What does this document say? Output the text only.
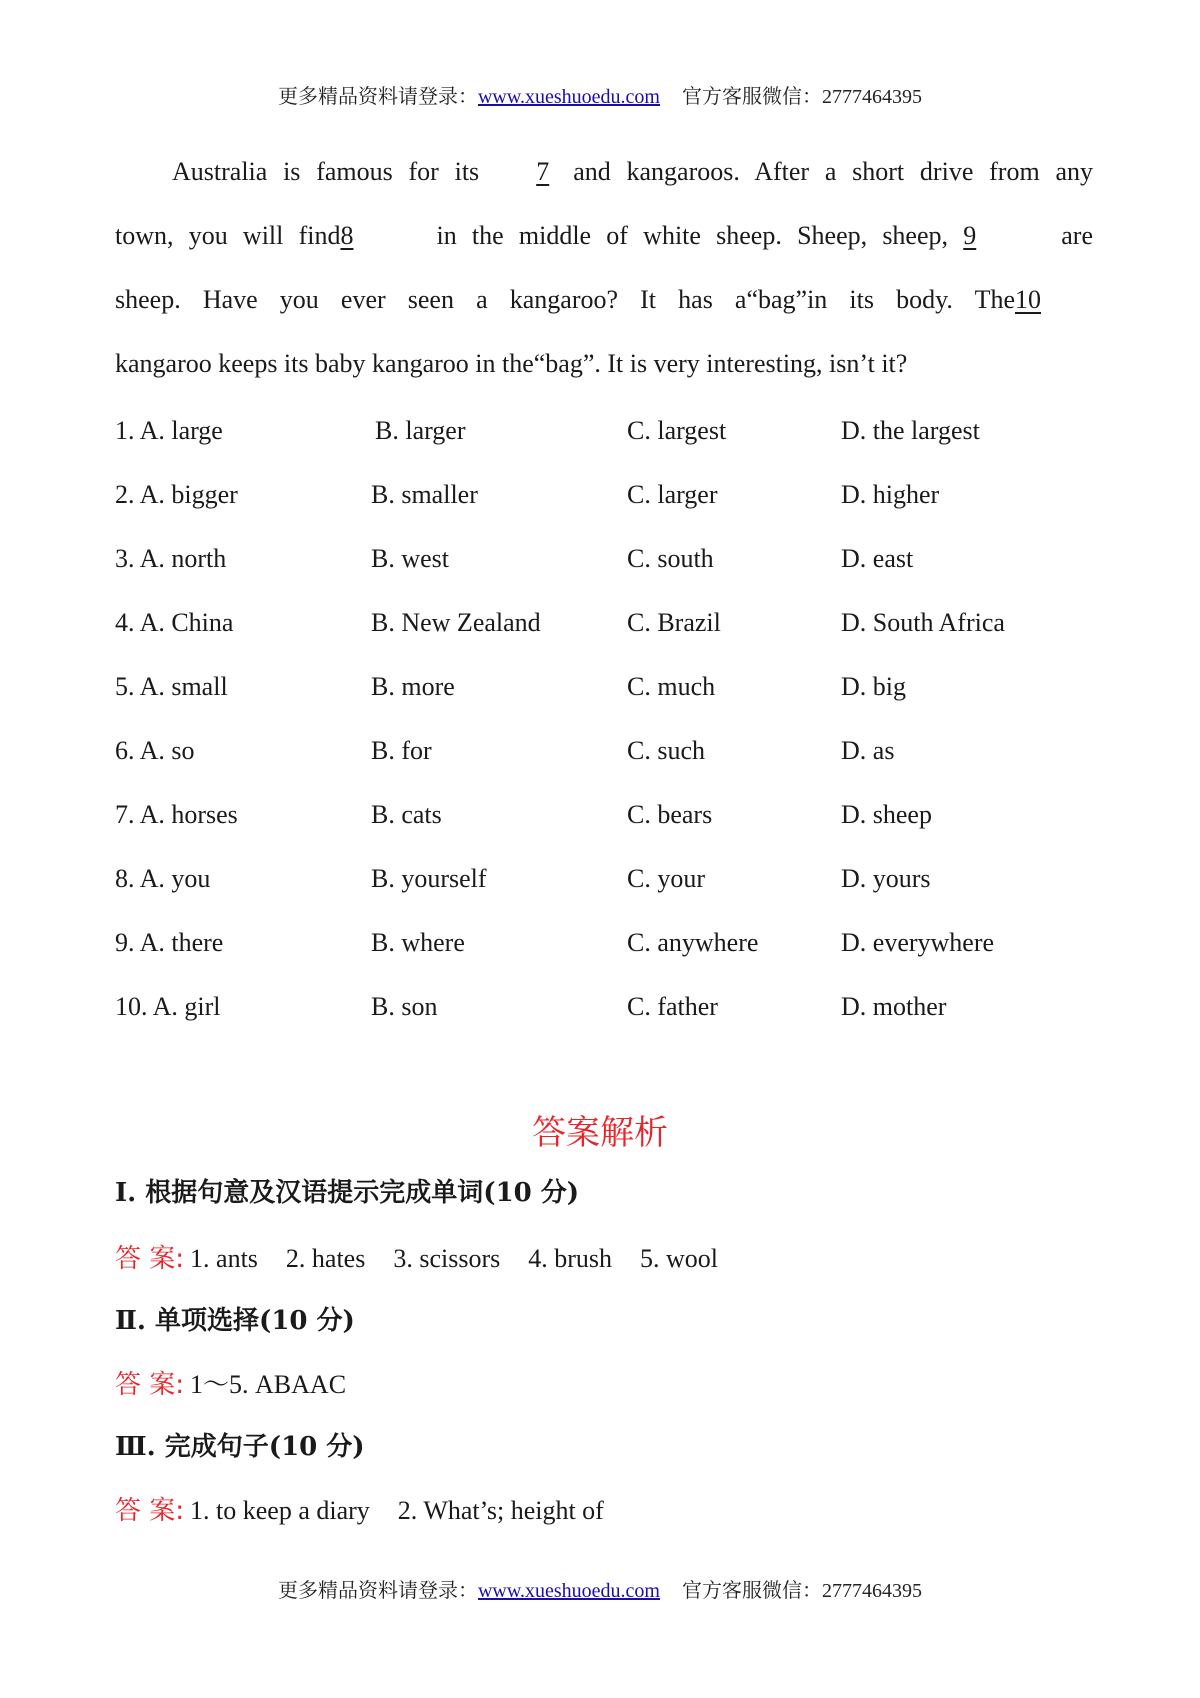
更多精品资料请登录：www.xueshuoedu.com 官方客服微信：2777464395
Australia is famous for its 7 and kangaroos. After a short drive from any
town, you will find8	in the middle of white sheep. Sheep, sheep, 9	are
sheep. Have you ever seen a kangaroo? It has a“bag”in its body. The10
kangaroo keeps its baby kangaroo in the“bag”. It is very interesting, isn’t it?
1. A. large	B. larger	C. largest	D. the largest
2. A. bigger	B. smaller	C. larger	D. higher
3. A. north	B. west	C. south	D. east
4. A. China	B. New Zealand	C. Brazil	D. South Africa
5. A. small	B. more	C. much	D. big
6. A. so	B. for	C. such	D. as
7. A. horses	B. cats	C. bears	D. sheep
8. A. you	B. yourself	C. your	D. yours
9. A. there	B. where	C. anywhere	D. everywhere
10. A. girl	B. son	C. father	D. mother
答案解析
Ⅰ. 根据句意及汉语提示完成单词(10 分)
答 案: 1. ants 2. hates 3. scissors 4. brush 5. wool
Ⅱ. 单项选择(10 分)
答 案: 1～5. ABAAC
Ⅲ. 完成句子(10 分)
答 案: 1. to keep a diary 2. What’s; height of
更多精品资料请登录：www.xueshuoedu.com 官方客服微信：2777464395
